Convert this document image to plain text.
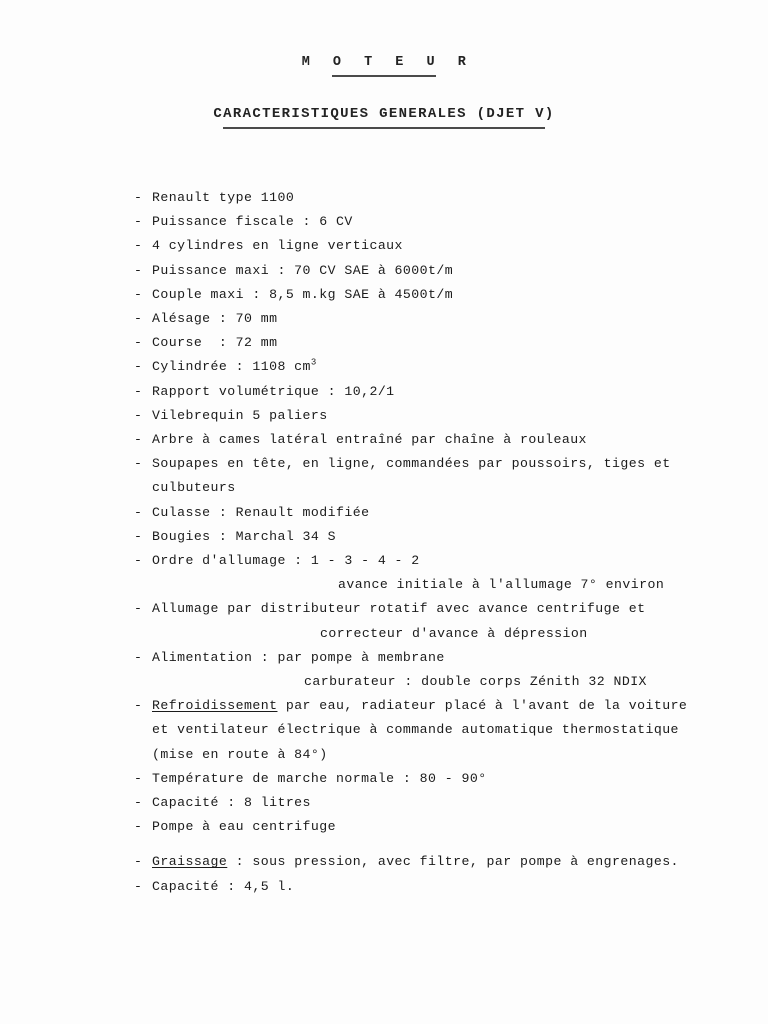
M O T E U R
CARACTERISTIQUES GENERALES (DJET V)
- Renault type 1100
- Puissance fiscale : 6 CV
- 4 cylindres en ligne verticaux
- Puissance maxi : 70 CV SAE à 6000t/m
- Couple maxi : 8,5 m.kg SAE à 4500t/m
- Alésage : 70 mm
- Course  : 72 mm
- Cylindrée : 1108 $cm^3$
- Rapport volumétrique : 10,2/1
- Vilebrequin 5 paliers
- Arbre à cames latéral entraîné par chaîne à rouleaux
- Soupapes en tête, en ligne, commandées par poussoirs, tiges et
culbuteurs
- Culasse : Renault modifiée
- Bougies : Marchal 34 S
- Ordre d'allumage : 1 - 3 - 4 - 2
avance initiale à l'allumage 7° environ
- Allumage par distributeur rotatif avec avance centrifuge et
correcteur d'avance à dépression
- Alimentation : par pompe à membrane
carburateur : double corps Zénith 32 NDIX
- Refroidissement par eau, radiateur placé à l'avant de la voiture
et ventilateur électrique à commande automatique thermostatique
(mise en route à 84°)
- Température de marche normale : 80 - 90°
- Capacité : 8 litres
- Pompe à eau centrifuge
- Graissage : sous pression, avec filtre, par pompe à engrenages.
- Capacité : 4,5 l.
